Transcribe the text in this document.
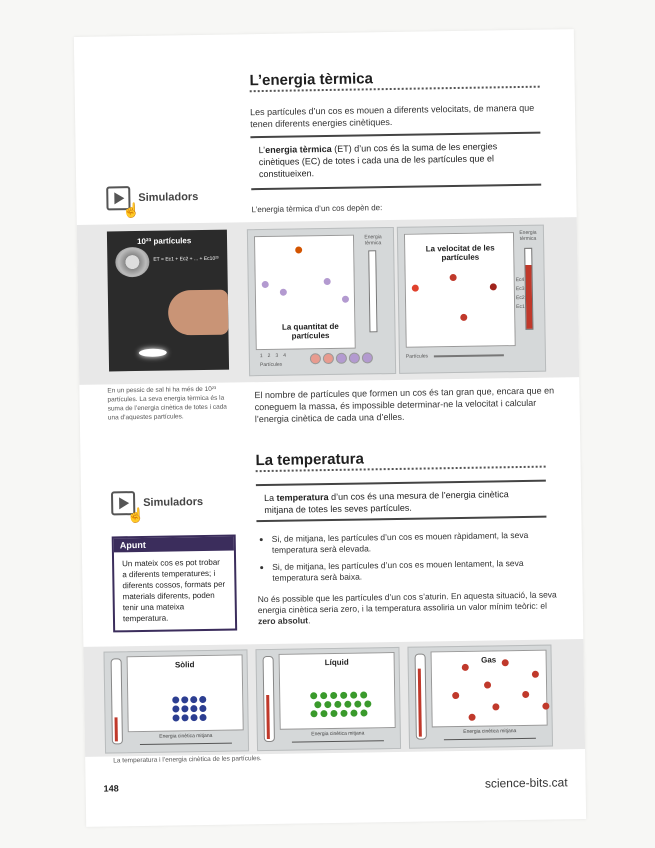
L’energia tèrmica
Les partícules d’un cos es mouen a diferents velocitats, de manera que tenen diferents energies cinètiques.
L’energia tèrmica (ET) d’un cos és la suma de les energies cinètiques (EC) de totes i cada una de les partícules que el constitueixen.
L’energia tèrmica d’un cos depèn de:
☝
Simuladors
10²³ partícules
ET = Ec1 + Ec2 + ... + Ec10²³
En un pessic de sal hi ha més de 10²³ partícules. La seva energia tèrmica és la suma de l’energia cinètica de totes i cada una d’aquestes partícules.
La quantitat de partícules
Energia tèrmica
Partícules
1234
La velocitat de les partícules
Energia tèrmica
Ec4
Ec3
Ec2
Ec1
Partícules
El nombre de partícules que formen un cos és tan gran que, encara que en coneguem la massa, és impossible determinar-ne la velocitat i calcular l’energia cinètica de cada una d’elles.
La temperatura
☝
Simuladors	La temperatura d’un cos és una mesura de l’energia cinètica mitjana de totes les seves partícules.
Apunt
Un mateix cos es pot trobar a diferents temperatures; i diferents cossos, formats per materials diferents, poden tenir una mateixa temperatura.
• Si, de mitjana, les partícules d’un cos es mouen ràpidament, la seva temperatura serà elevada.
• Si, de mitjana, les partícules d’un cos es mouen lentament, la seva temperatura serà baixa.
No és possible que les partícules d’un cos s’aturin. En aquesta situació, la seva energia cinètica seria zero, i la temperatura assoliria un valor mínim teòric: el zero absolut.
La temperatura i l’energia cinètica de les partícules.
148	science-bits.cat
Sòlid
Energia cinètica mitjana
Líquid
Energia cinètica mitjana
Gas
Energia cinètica mitjana
